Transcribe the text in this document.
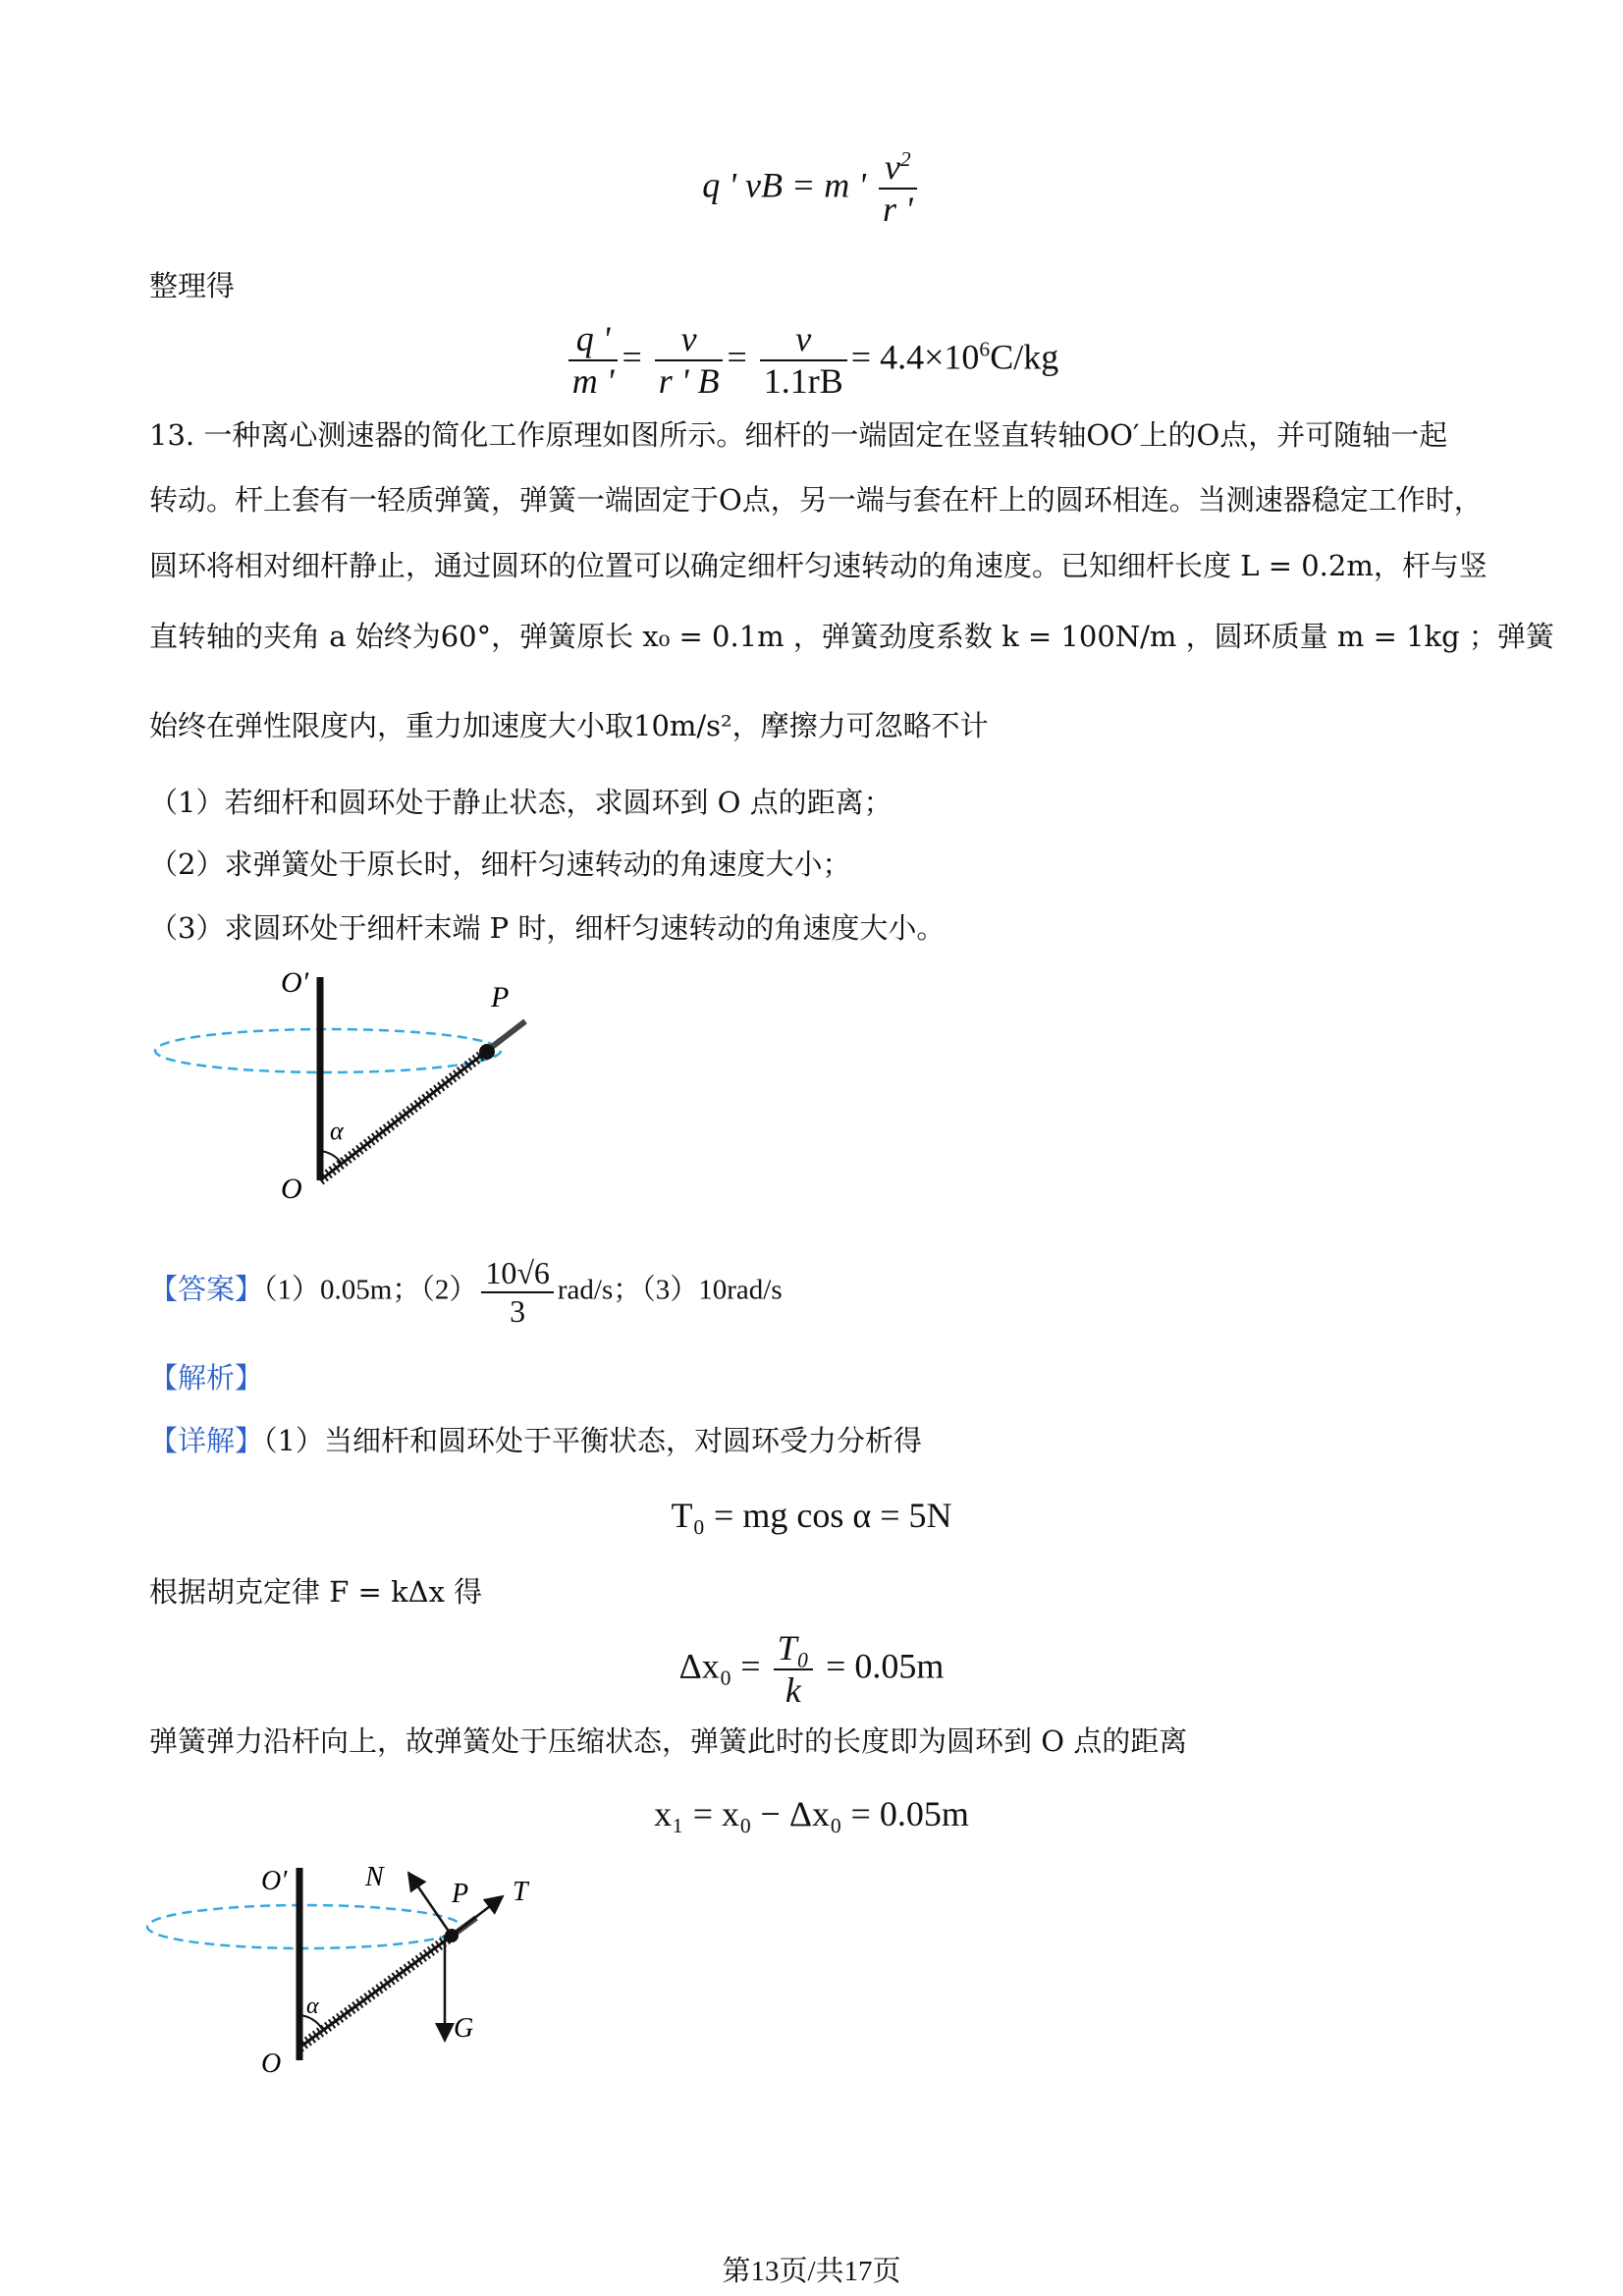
q ' vB = m ' $\frac{v^2}{r '}$
整理得
$\frac{q '}{m '} = \frac{v}{r ' B} = \frac{v}{1.1rB} = 4.4\times 10^6C/kg$
13. 一种离心测速器的简化工作原理如图所示。细杆的一端固定在竖直转轴OO′上的O点，并可随轴一起
转动。杆上套有一轻质弹簧，弹簧一端固定于O点，另一端与套在杆上的圆环相连。当测速器稳定工作时，
圆环将相对细杆静止，通过圆环的位置可以确定细杆匀速转动的角速度。已知细杆长度 L = 0.2m，杆与竖
直转轴的夹角 a 始终为60°，弹簧原长 x₀ = 0.1m ，弹簧劲度系数 k = 100N/m ，圆环质量 m = 1kg ；弹簧
始终在弹性限度内，重力加速度大小取10m/s²，摩擦力可忽略不计
（1）若细杆和圆环处于静止状态，求圆环到 O 点的距离；
（2）求弹簧处于原长时，细杆匀速转动的角速度大小；
（3）求圆环处于细杆末端 P 时，细杆匀速转动的角速度大小。
O′
O
P
α
【答案】（1）0.05m；$(2) \frac{10√6}{3} rad/s$；（3）10rad/s
【解析】
【详解】（1）当细杆和圆环处于平衡状态，对圆环受力分析得
T₀ = mg cos α = 5N
根据胡克定律 F = kΔx 得
$\Delta x_0 = \frac{\text{T₀}}{k} = 0.05m$
弹簧弹力沿杆向上，故弹簧处于压缩状态，弹簧此时的长度即为圆环到 O 点的距离
x₁ = x₀ − Δx₀ = 0.05m
O′
O
P
α
N	T
G
第13页/共17页
